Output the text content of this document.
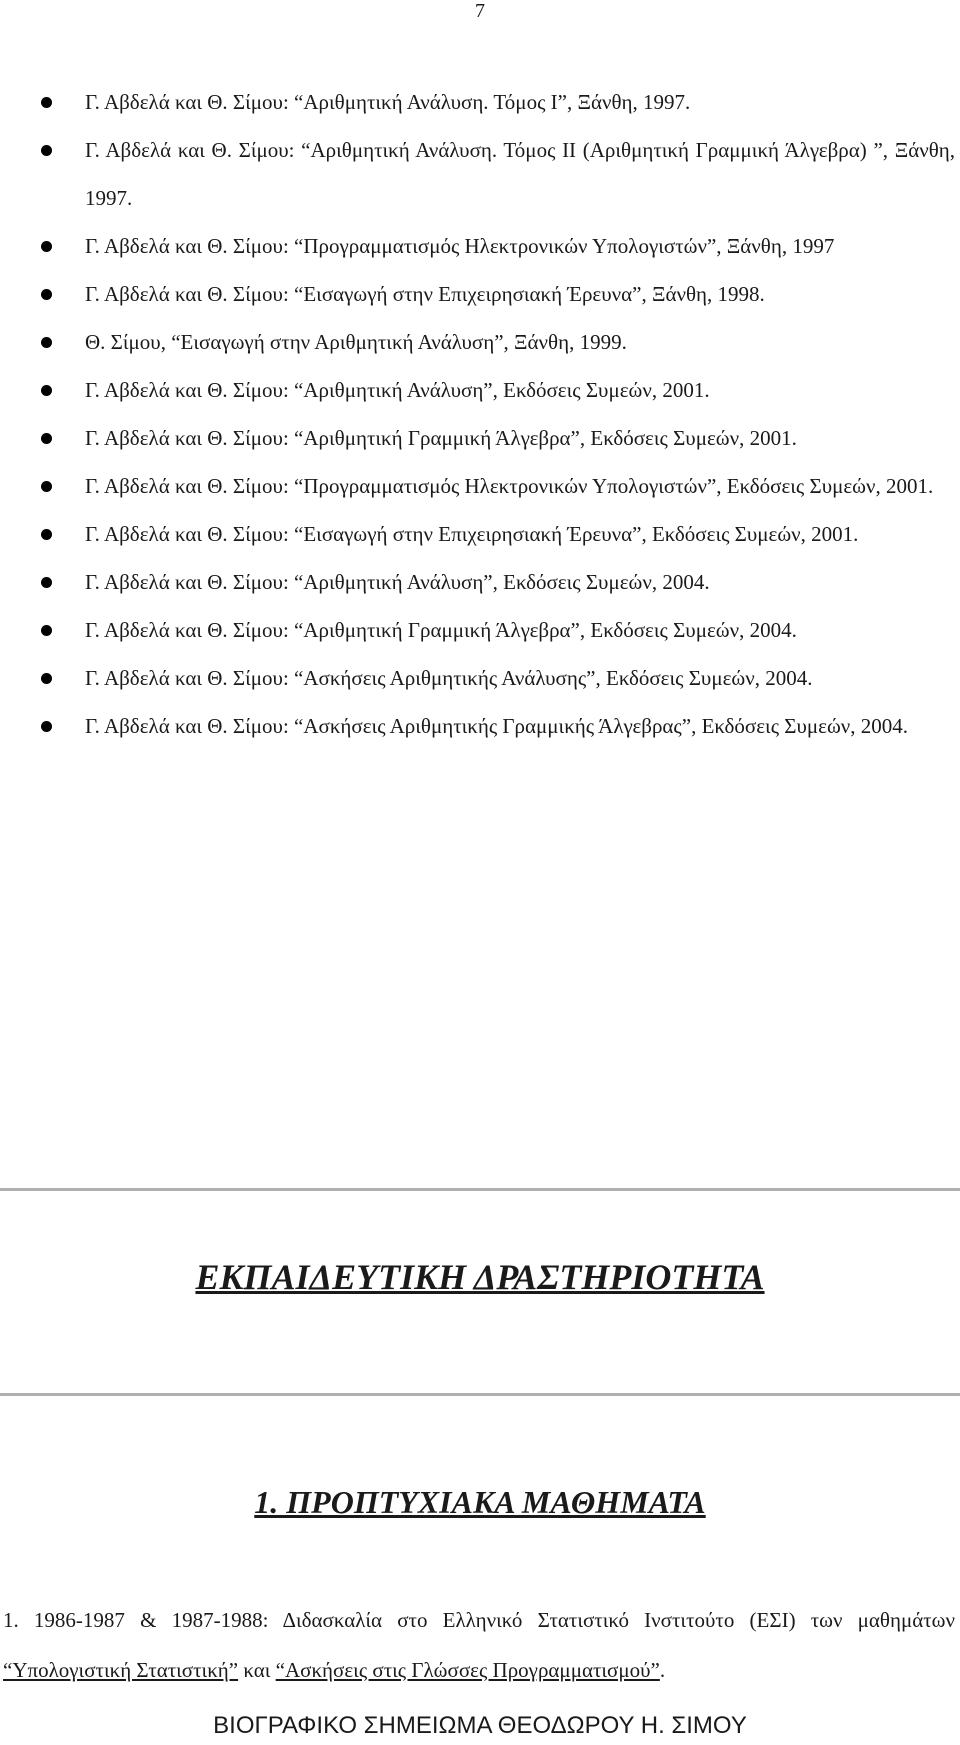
7
Γ. Αβδελά και Θ. Σίμου: “Αριθμητική Ανάλυση. Τόμος Ι”, Ξάνθη, 1997.
Γ. Αβδελά και Θ. Σίμου: “Αριθμητική Ανάλυση. Τόμος ΙΙ (Αριθμητική Γραμμική Άλγεβρα) ”, Ξάνθη, 1997.
Γ. Αβδελά και Θ. Σίμου: “Προγραμματισμός Ηλεκτρονικών Υπολογιστών”, Ξάνθη, 1997
Γ. Αβδελά και Θ. Σίμου: “Εισαγωγή στην Επιχειρησιακή Έρευνα”, Ξάνθη, 1998.
Θ. Σίμου, “Εισαγωγή στην Αριθμητική Ανάλυση”, Ξάνθη, 1999.
Γ. Αβδελά και Θ. Σίμου: “Αριθμητική Ανάλυση”, Εκδόσεις Συμεών, 2001.
Γ. Αβδελά και Θ. Σίμου: “Αριθμητική Γραμμική Άλγεβρα”, Εκδόσεις Συμεών, 2001.
Γ. Αβδελά και Θ. Σίμου: “Προγραμματισμός Ηλεκτρονικών Υπολογιστών”, Εκδόσεις Συμεών, 2001.
Γ. Αβδελά και Θ. Σίμου: “Εισαγωγή στην Επιχειρησιακή Έρευνα”, Εκδόσεις Συμεών, 2001.
Γ. Αβδελά και Θ. Σίμου: “Αριθμητική Ανάλυση”, Εκδόσεις Συμεών, 2004.
Γ. Αβδελά και Θ. Σίμου: “Αριθμητική Γραμμική Άλγεβρα”, Εκδόσεις Συμεών, 2004.
Γ. Αβδελά και Θ. Σίμου: “Ασκήσεις Αριθμητικής Ανάλυσης”, Εκδόσεις Συμεών, 2004.
Γ. Αβδελά και Θ. Σίμου: “Ασκήσεις Αριθμητικής Γραμμικής Άλγεβρας”, Εκδόσεις Συμεών, 2004.
ΕΚΠΑΙΔΕΥΤΙΚΗ ΔΡΑΣΤΗΡΙΟΤΗΤΑ
1. ΠΡΟΠΤΥΧΙΑΚΑ ΜΑΘΗΜΑΤΑ
1. 1986-1987 & 1987-1988: Διδασκαλία στο Ελληνικό Στατιστικό Ινστιτούτο (ΕΣΙ) των μαθημάτων “Υπολογιστική Στατιστική” και “Ασκήσεις στις Γλώσσες Προγραμματισμού”.
ΒΙΟΓΡΑΦΙΚΟ ΣΗΜΕΙΩΜΑ ΘΕΟΔΩΡΟΥ Η. ΣΙΜΟΥ
